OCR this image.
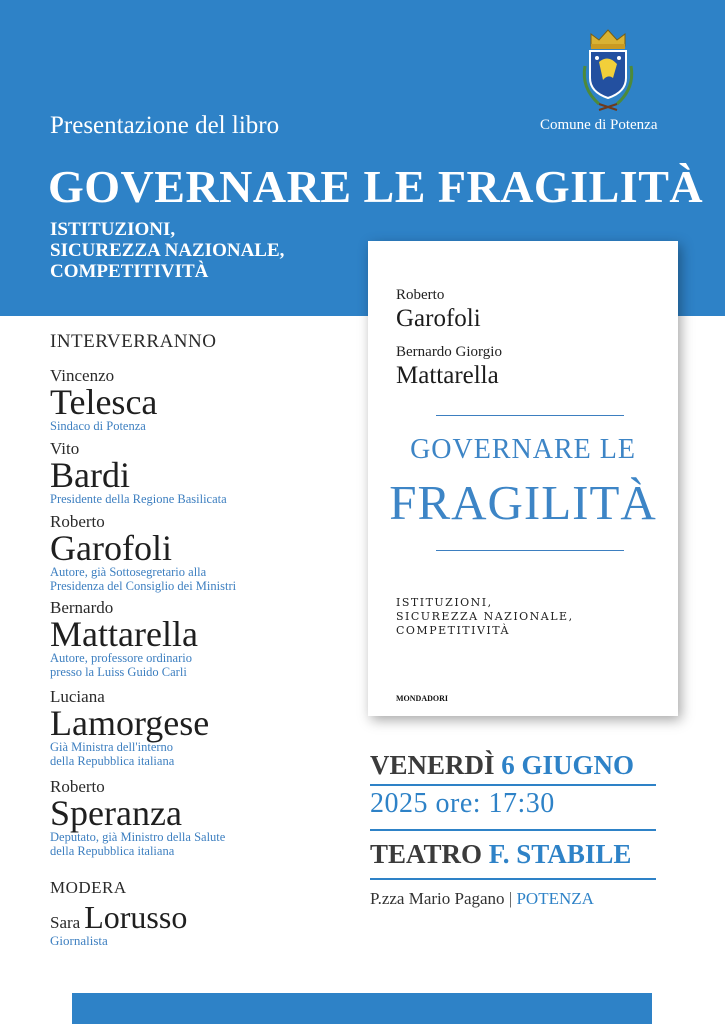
Comune di Potenza
Presentazione del libro
GOVERNARE LE FRAGILITÀ
ISTITUZIONI,
SICUREZZA NAZIONALE,
COMPETITIVITÀ
INTERVERRANNO
Vincenzo
Telesca
Sindaco di Potenza
Vito
Bardi
Presidente della Regione Basilicata
Roberto
Garofoli
Autore, già Sottosegretario alla
Presidenza del Consiglio dei Ministri
Bernardo
Mattarella
Autore, professore ordinario
presso la Luiss Guido Carli
Luciana
Lamorgese
Già Ministra dell'interno
della Repubblica italiana
Roberto
Speranza
Deputato, già Ministro della Salute
della Repubblica italiana
MODERA
Sara Lorusso
Giornalista
Roberto
Garofoli
Bernardo Giorgio
Mattarella
GOVERNARE LE
FRAGILITÀ
ISTITUZIONI,
SICUREZZA NAZIONALE,
COMPETITIVITÀ
MONDADORI
VENERDÌ 6 GIUGNO
2025 ore: 17:30
TEATRO F. STABILE
P.zza Mario Pagano | POTENZA
